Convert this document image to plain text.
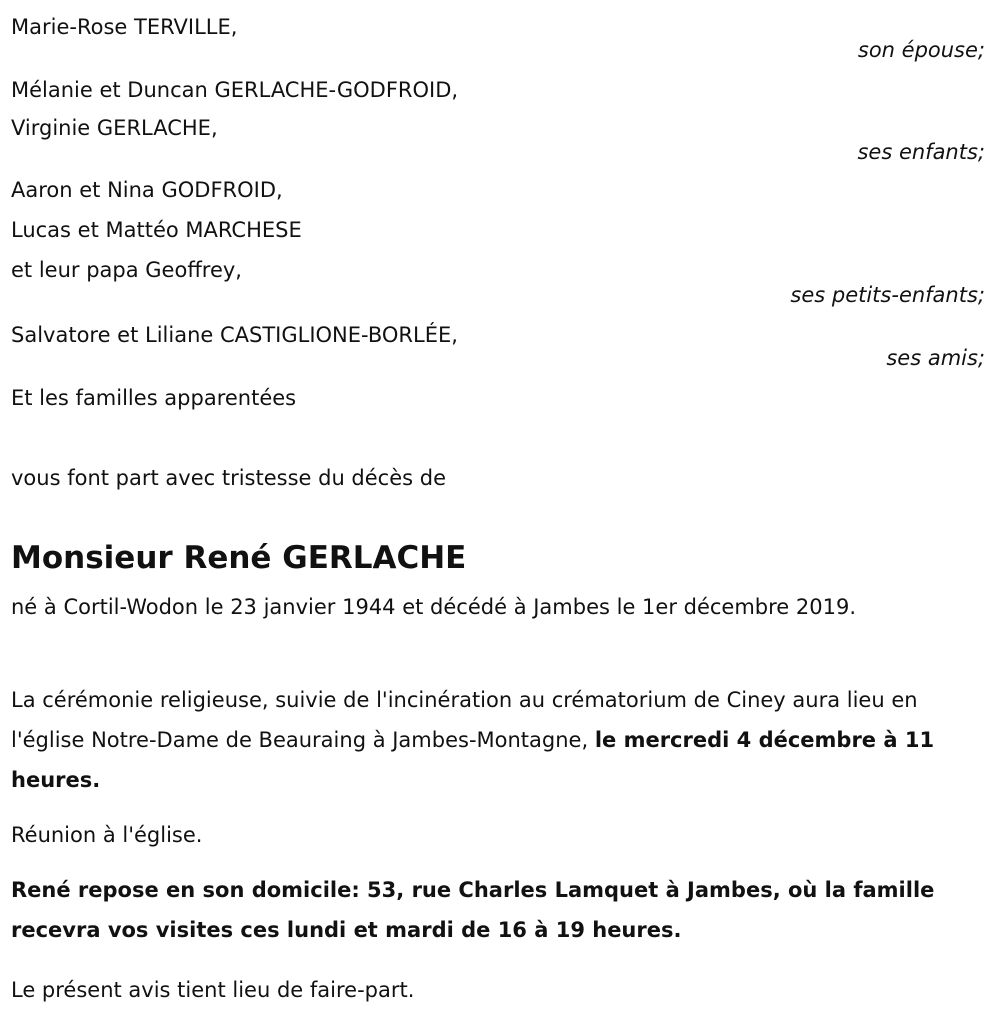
Marie-Rose TERVILLE,
son épouse;
Mélanie et Duncan GERLACHE-GODFROID,
Virginie GERLACHE,
ses enfants;
Aaron et Nina GODFROID,
Lucas et Mattéo MARCHESE
et leur papa Geoffrey,
ses petits-enfants;
Salvatore et Liliane CASTIGLIONE-BORLÉE,
ses amis;
Et les familles apparentées
vous font part avec tristesse du décès de
Monsieur René GERLACHE
né à Cortil-Wodon le 23 janvier 1944 et décédé à Jambes le 1er décembre 2019.
La cérémonie religieuse, suivie de l'incinération au crématorium de Ciney aura lieu en l'église Notre-Dame de Beauraing à Jambes-Montagne, le mercredi 4 décembre à 11 heures.
Réunion à l'église.
René repose en son domicile: 53, rue Charles Lamquet à Jambes, où la famille recevra vos visites ces lundi et mardi de 16 à 19 heures.
Le présent avis tient lieu de faire-part.
